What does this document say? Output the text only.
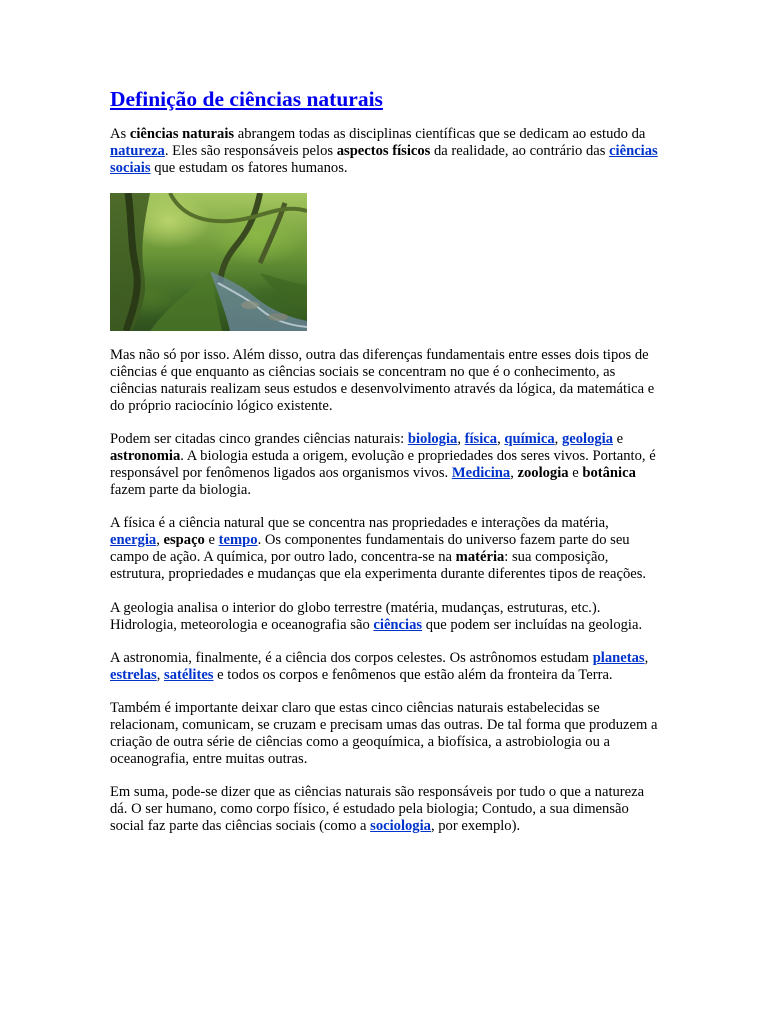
Definição de ciências naturais

As ciências naturais abrangem todas as disciplinas científicas que se dedicam ao estudo da natureza. Eles são responsáveis pelos aspectos físicos da realidade, ao contrário das ciências sociais que estudam os fatores humanos.

Mas não só por isso. Além disso, outra das diferenças fundamentais entre esses dois tipos de ciências é que enquanto as ciências sociais se concentram no que é o conhecimento, as ciências naturais realizam seus estudos e desenvolvimento através da lógica, da matemática e do próprio raciocínio lógico existente.

Podem ser citadas cinco grandes ciências naturais: biologia, física, química, geologia e astronomia. A biologia estuda a origem, evolução e propriedades dos seres vivos. Portanto, é responsável por fenômenos ligados aos organismos vivos. Medicina, zoologia e botânica fazem parte da biologia.

A física é a ciência natural que se concentra nas propriedades e interações da matéria, energia, espaço e tempo. Os componentes fundamentais do universo fazem parte do seu campo de ação. A química, por outro lado, concentra-se na matéria: sua composição, estrutura, propriedades e mudanças que ela experimenta durante diferentes tipos de reações.

A geologia analisa o interior do globo terrestre (matéria, mudanças, estruturas, etc.). Hidrologia, meteorologia e oceanografia são ciências que podem ser incluídas na geologia.

A astronomia, finalmente, é a ciência dos corpos celestes. Os astrônomos estudam planetas, estrelas, satélites e todos os corpos e fenômenos que estão além da fronteira da Terra.

Também é importante deixar claro que estas cinco ciências naturais estabelecidas se relacionam, comunicam, se cruzam e precisam umas das outras. De tal forma que produzem a criação de outra série de ciências como a geoquímica, a biofísica, a astrobiologia ou a oceanografia, entre muitas outras.

Em suma, pode-se dizer que as ciências naturais são responsáveis por tudo o que a natureza dá. O ser humano, como corpo físico, é estudado pela biologia; Contudo, a sua dimensão social faz parte das ciências sociais (como a sociologia, por exemplo).
